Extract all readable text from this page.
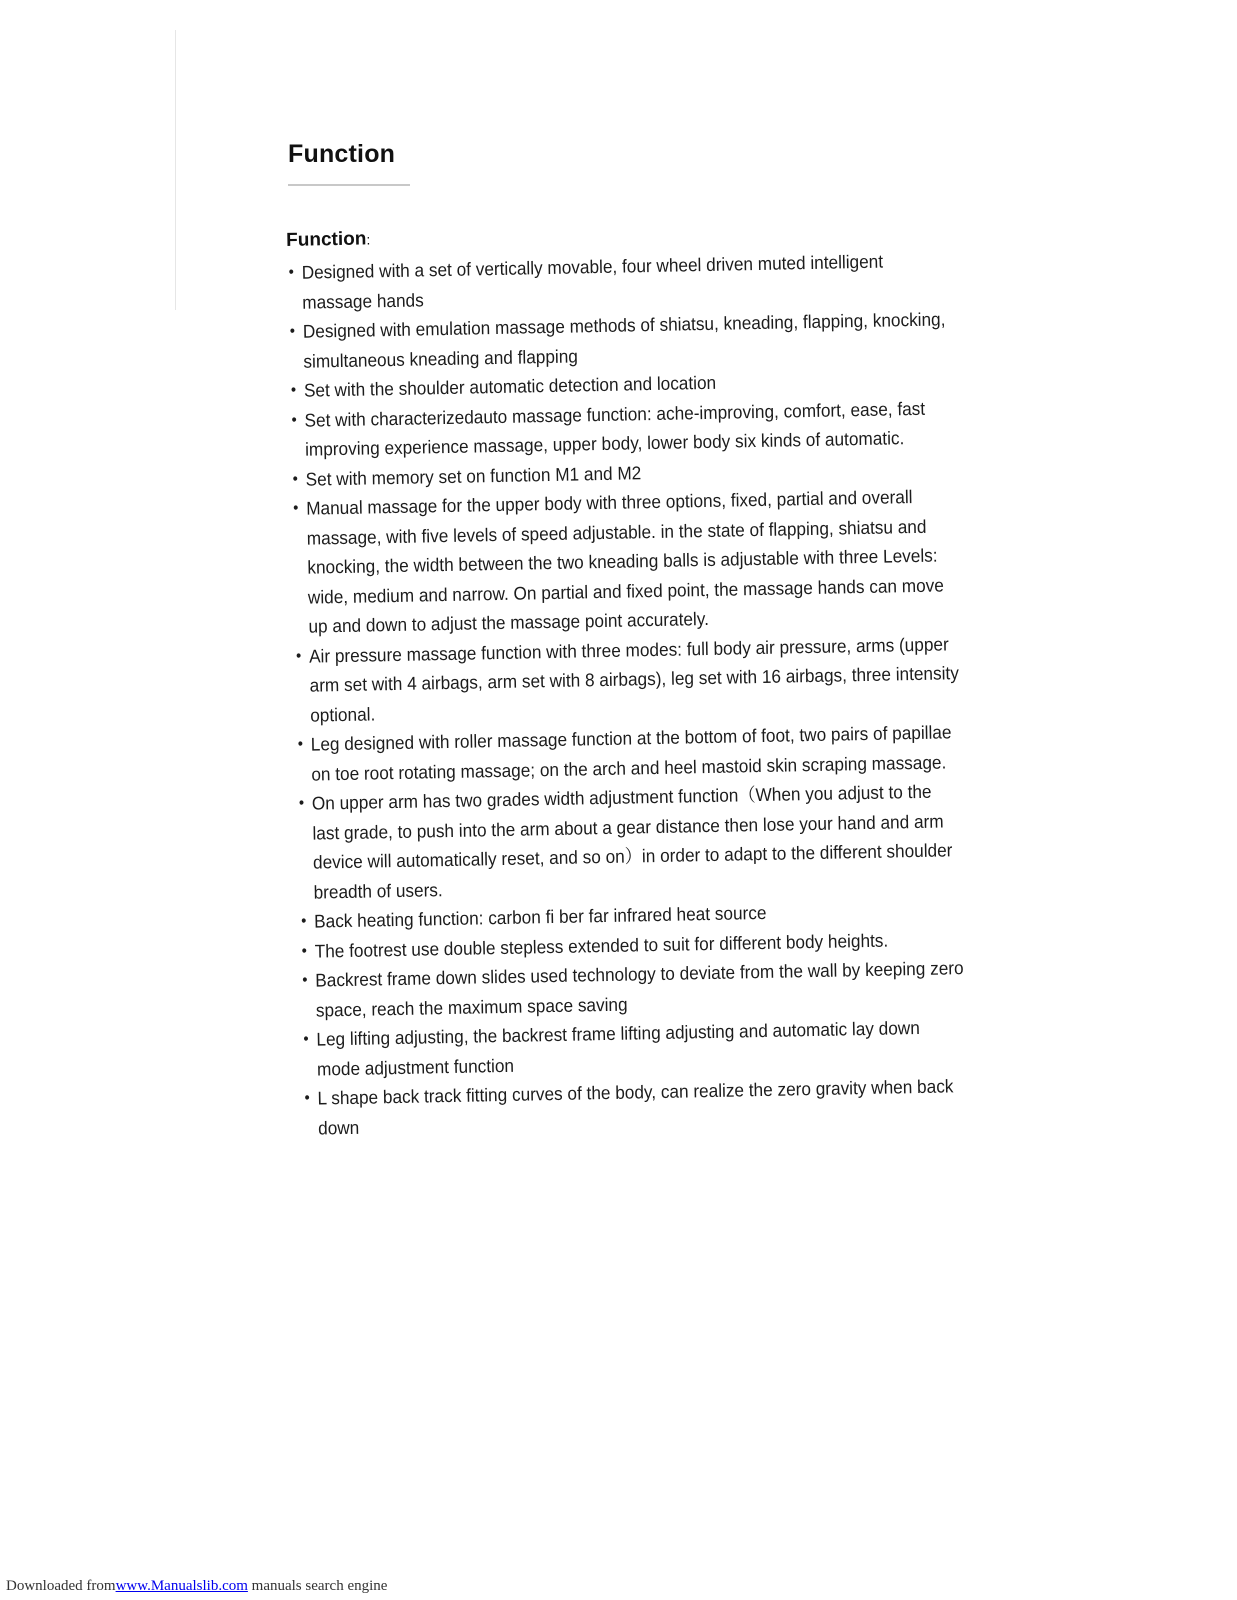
Function
Function:
• Designed with a set of vertically movable, four wheel driven muted intelligent massage hands
• Designed with emulation massage methods of shiatsu, kneading, flapping, knocking, simultaneous kneading and flapping
• Set with the shoulder automatic detection and location
• Set with characterizedauto massage function: ache-improving, comfort, ease, fast improving experience massage, upper body, lower body six kinds of automatic.
• Set with memory set on function M1 and M2
• Manual massage for the upper body with three options, fixed, partial and overall massage, with five levels of speed adjustable. in the state of flapping, shiatsu and knocking, the width between the two kneading balls is adjustable with three Levels: wide, medium and narrow. On partial and fixed point, the massage hands can move up and down to adjust the massage point accurately.
• Air pressure massage function with three modes: full body air pressure, arms (upper arm set with 4 airbags, arm set with 8 airbags), leg set with 16 airbags, three intensity optional.
• Leg designed with roller massage function at the bottom of foot, two pairs of papillae on toe root rotating massage; on the arch and heel mastoid skin scraping massage.
• On upper arm has two grades width adjustment function（When you adjust to the last grade, to push into the arm about a gear distance then lose your hand and arm device will automatically reset, and so on）in order to adapt to the different shoulder breadth of users.
• Back heating function: carbon fi ber far infrared heat source
• The footrest use double stepless extended to suit for different body heights.
• Backrest frame down slides used technology to deviate from the wall by keeping zero space, reach the maximum space saving
• Leg lifting adjusting, the backrest frame lifting adjusting and automatic lay down mode adjustment function
• L shape back track fitting curves of the body, can realize the zero gravity when back down
Downloaded fromwww.Manualslib.com manuals search engine
